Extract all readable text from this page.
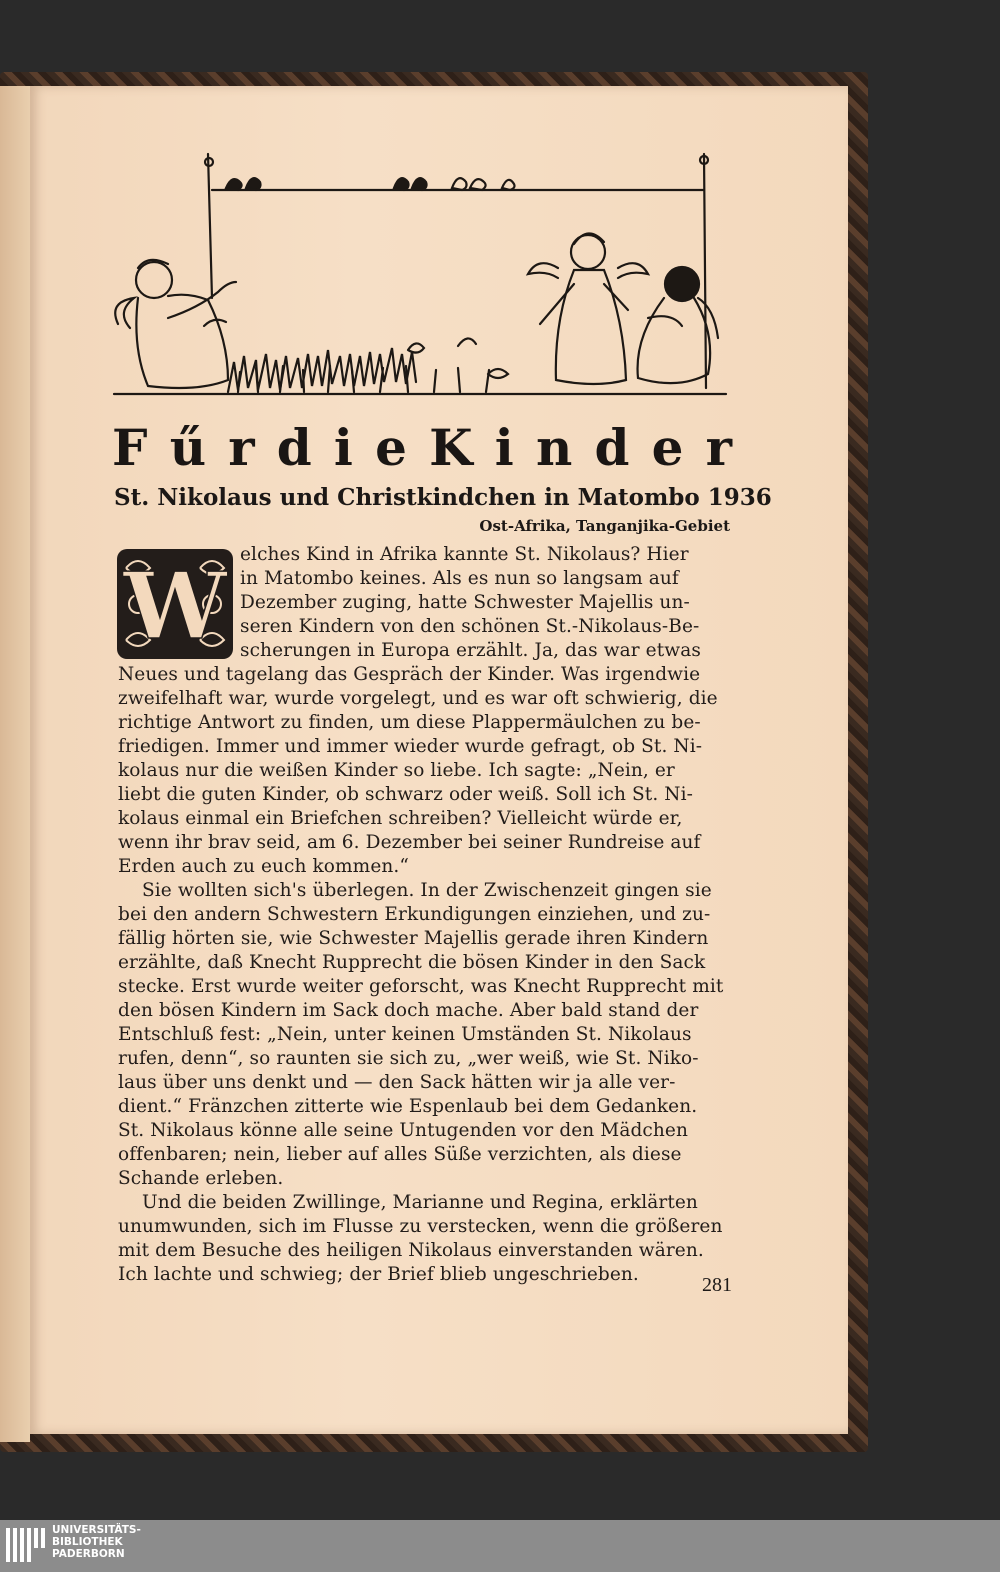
F ű r d i e K i n d e r
St. Nikolaus und Christkindchen in Matombo 1936
Ost-Afrika, Tanganjika-Gebiet
W elches Kind in Afrika kannte St. Nikolaus? Hier
in Matombo keines. Als es nun so langsam auf
Dezember zuging, hatte Schwester Majellis un-
seren Kindern von den schönen St.-Nikolaus-Be-
scherungen in Europa erzählt. Ja, das war etwas
Neues und tagelang das Gespräch der Kinder. Was irgendwie
zweifelhaft war, wurde vorgelegt, und es war oft schwierig, die
richtige Antwort zu finden, um diese Plappermäulchen zu be-
friedigen. Immer und immer wieder wurde gefragt, ob St. Ni-
kolaus nur die weißen Kinder so liebe. Ich sagte: „Nein, er
liebt die guten Kinder, ob schwarz oder weiß. Soll ich St. Ni-
kolaus einmal ein Briefchen schreiben? Vielleicht würde er,
wenn ihr brav seid, am 6. Dezember bei seiner Rundreise auf
Erden auch zu euch kommen.“
Sie wollten sich's überlegen. In der Zwischenzeit gingen sie
bei den andern Schwestern Erkundigungen einziehen, und zu-
fällig hörten sie, wie Schwester Majellis gerade ihren Kindern
erzählte, daß Knecht Rupprecht die bösen Kinder in den Sack
stecke. Erst wurde weiter geforscht, was Knecht Rupprecht mit
den bösen Kindern im Sack doch mache. Aber bald stand der
Entschluß fest: „Nein, unter keinen Umständen St. Nikolaus
rufen, denn“, so raunten sie sich zu, „wer weiß, wie St. Niko-
laus über uns denkt und — den Sack hätten wir ja alle ver-
dient.“ Fränzchen zitterte wie Espenlaub bei dem Gedanken.
St. Nikolaus könne alle seine Untugenden vor den Mädchen
offenbaren; nein, lieber auf alles Süße verzichten, als diese
Schande erleben.
Und die beiden Zwillinge, Marianne und Regina, erklärten
unumwunden, sich im Flusse zu verstecken, wenn die größeren
mit dem Besuche des heiligen Nikolaus einverstanden wären.
Ich lachte und schwieg; der Brief blieb ungeschrieben.	281
UNIVERSITÄTS-
BIBLIOTHEK
PADERBORN
